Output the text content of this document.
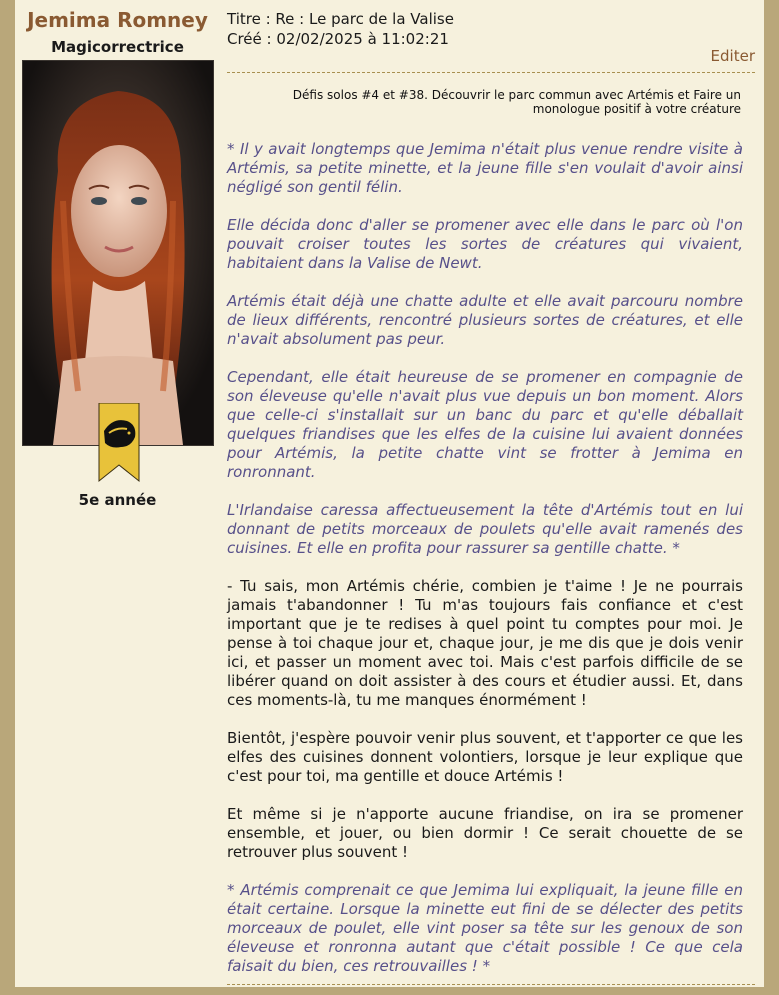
Jemima Romney
Magicorrectrice
5e année
Titre : Re : Le parc de la Valise
Créé : 02/02/2025 à 11:02:21
Editer
Défis solos #4 et #38. Découvrir le parc commun avec Artémis et Faire un monologue positif à votre créature

* Il y avait longtemps que Jemima n'était plus venue rendre visite à Artémis, sa petite minette, et la jeune fille s'en voulait d'avoir ainsi négligé son gentil félin.

Elle décida donc d'aller se promener avec elle dans le parc où l'on pouvait croiser toutes les sortes de créatures qui vivaient, habitaient dans la Valise de Newt.

Artémis était déjà une chatte adulte et elle avait parcouru nombre de lieux différents, rencontré plusieurs sortes de créatures, et elle n'avait absolument pas peur.

Cependant, elle était heureuse de se promener en compagnie de son éleveuse qu'elle n'avait plus vue depuis un bon moment. Alors que celle-ci s'installait sur un banc du parc et qu'elle déballait quelques friandises que les elfes de la cuisine lui avaient données pour Artémis, la petite chatte vint se frotter à Jemima en ronronnant.

L'Irlandaise caressa affectueusement la tête d'Artémis tout en lui donnant de petits morceaux de poulets qu'elle avait ramenés des cuisines. Et elle en profita pour rassurer sa gentille chatte. *

- Tu sais, mon Artémis chérie, combien je t'aime ! Je ne pourrais jamais t'abandonner ! Tu m'as toujours fais confiance et c'est important que je te redises à quel point tu comptes pour moi. Je pense à toi chaque jour et, chaque jour, je me dis que je dois venir ici, et passer un moment avec toi. Mais c'est parfois difficile de se libérer quand on doit assister à des cours et étudier aussi. Et, dans ces moments-là, tu me manques énormément !

Bientôt, j'espère pouvoir venir plus souvent, et t'apporter ce que les elfes des cuisines donnent volontiers, lorsque je leur explique que c'est pour toi, ma gentille et douce Artémis !

Et même si je n'apporte aucune friandise, on ira se promener ensemble, et jouer, ou bien dormir ! Ce serait chouette de se retrouver plus souvent !

* Artémis comprenait ce que Jemima lui expliquait, la jeune fille en était certaine. Lorsque la minette eut fini de se délecter des petits morceaux de poulet, elle vint poser sa tête sur les genoux de son éleveuse et ronronna autant que c'était possible ! Ce que cela faisait du bien, ces retrouvailles ! *
